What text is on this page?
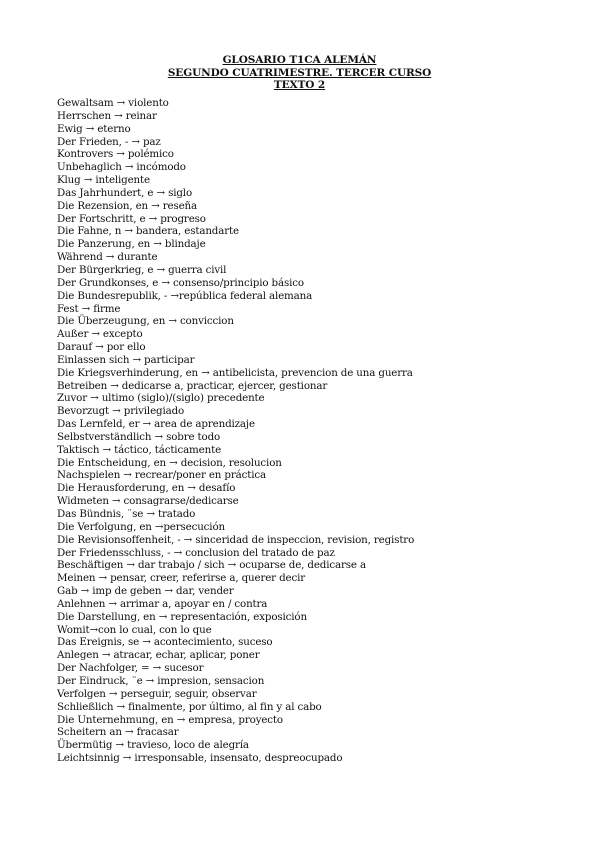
GLOSARIO T1CA ALEMÁN
SEGUNDO CUATRIMESTRE. TERCER CURSO
TEXTO 2
Gewaltsam → violento
Herrschen → reinar
Ewig → eterno
Der Frieden, - → paz
Kontrovers → polémico
Unbehaglich → incómodo
Klug → inteligente
Das Jahrhundert, e → siglo
Die Rezension, en → reseña
Der Fortschritt, e → progreso
Die Fahne, n → bandera, estandarte
Die Panzerung, en → blindaje
Während → durante
Der Bürgerkrieg, e → guerra civil
Der Grundkonses, e → consenso/principio básico
Die Bundesrepublik, - →república federal alemana
Fest → firme
Die Überzeugung, en → conviccion
Außer → excepto
Darauf → por ello
Einlassen sich → participar
Die Kriegsverhinderung, en → antibelicista, prevencion de una guerra
Betreiben → dedicarse a, practicar, ejercer, gestionar
Zuvor → ultimo (siglo)/(siglo) precedente
Bevorzugt → privilegiado
Das Lernfeld, er → area de aprendizaje
Selbstverständlich → sobre todo
Taktisch → táctico, tácticamente
Die Entscheidung, en → decision, resolucion
Nachspielen → recrear/poner en práctica
Die Herausforderung, en → desafío
Widmeten → consagrarse/dedicarse
Das Bündnis, ¨se → tratado
Die Verfolgung, en →persecución
Die Revisionsoffenheit, - → sinceridad de inspeccion, revision, registro
Der Friedensschluss, - → conclusion del tratado de paz
Beschäftigen → dar trabajo / sich → ocuparse de, dedicarse a
Meinen → pensar, creer, referirse a, querer decir
Gab → imp de geben → dar, vender
Anlehnen → arrimar a, apoyar en / contra
Die Darstellung, en → representación, exposición
Womit→con lo cual, con lo que
Das Ereignis, se → acontecimiento, suceso
Anlegen → atracar, echar, aplicar, poner
Der Nachfolger, = → sucesor
Der Eindruck, ¨e → impresion, sensacion
Verfolgen → perseguir, seguir, observar
Schließlich → finalmente, por último, al fin y al cabo
Die Unternehmung, en → empresa, proyecto
Scheitern an → fracasar
Übermütig → travieso, loco de alegría
Leichtsinnig → irresponsable, insensato, despreocupado
